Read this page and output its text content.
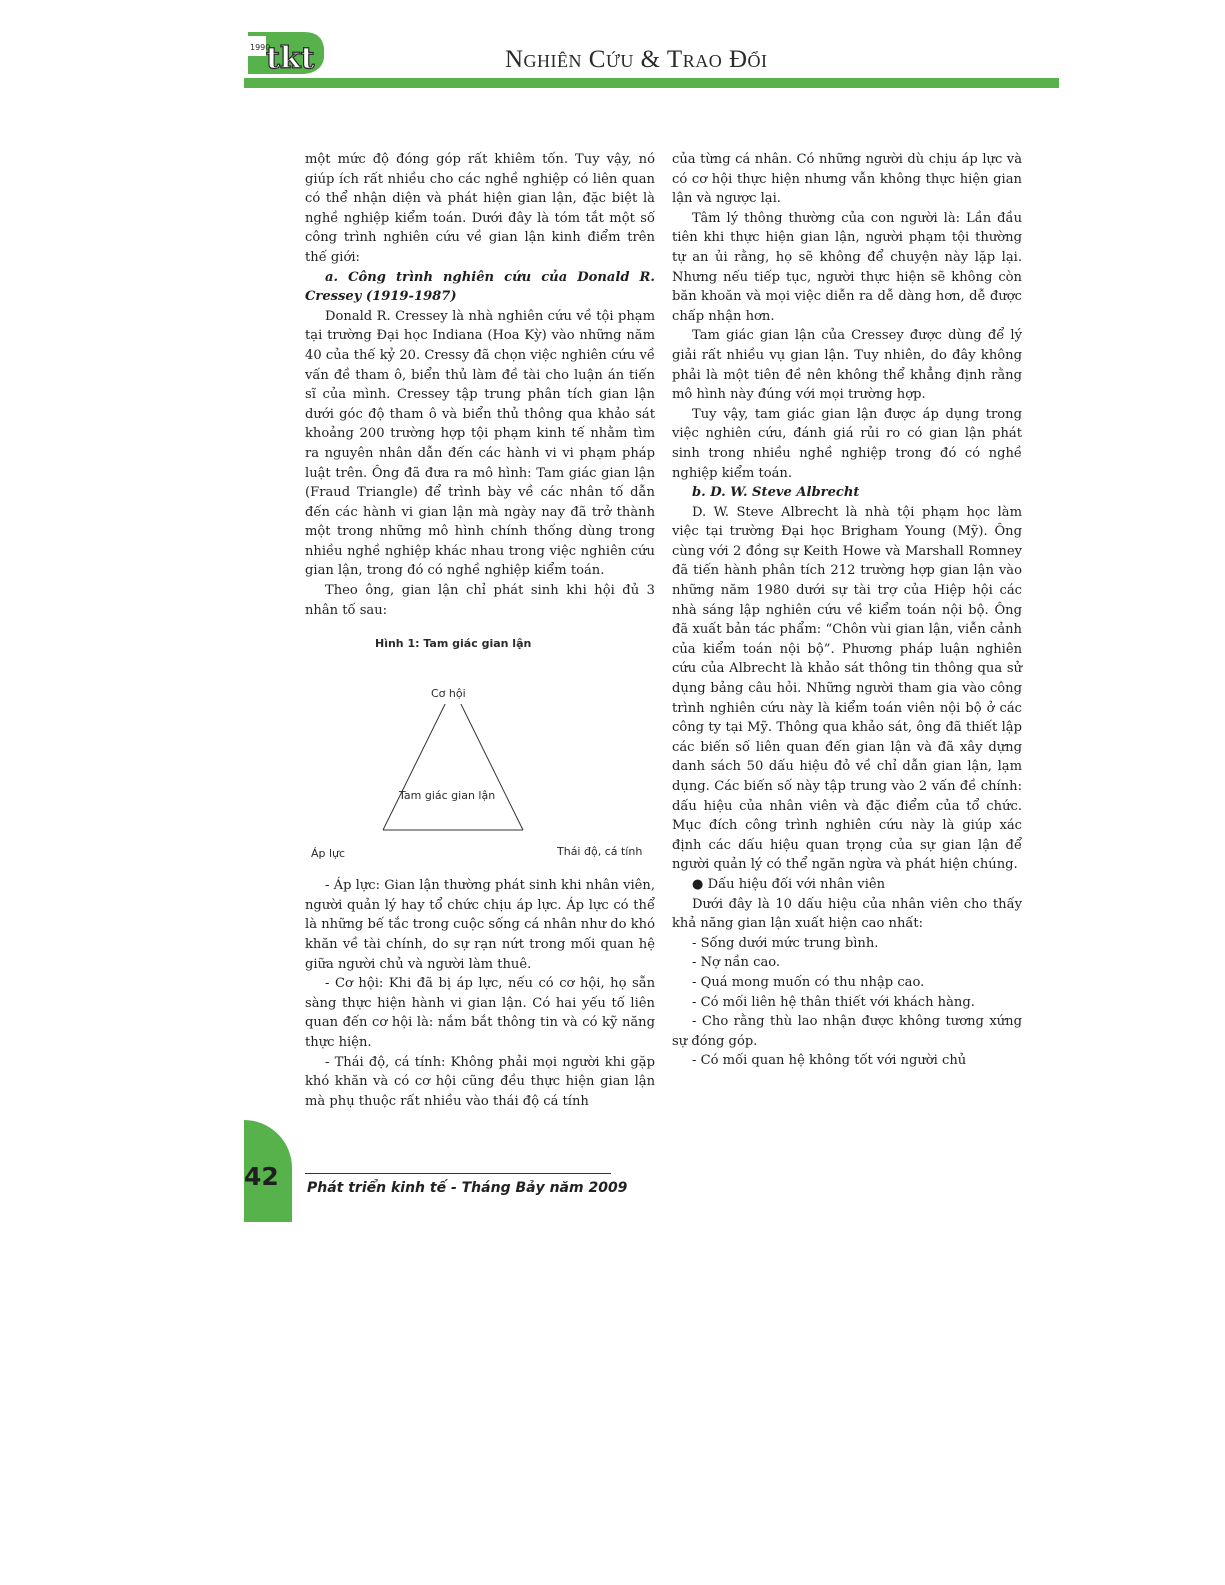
1990
tkt	Nghiên Cứu & Trao Đổi

một mức độ đóng góp rất khiêm tốn. Tuy vậy, nó giúp ích rất nhiều cho các nghề nghiệp có liên quan có thể nhận diện và phát hiện gian lận, đặc biệt là nghề nghiệp kiểm toán. Dưới đây là tóm tắt một số công trình nghiên cứu về gian lận kinh điểm trên thế giới:

a. Công trình nghiên cứu của Donald R. Cressey (1919-1987)

Donald R. Cressey là nhà nghiên cứu về tội phạm tại trường Đại học Indiana (Hoa Kỳ) vào những năm 40 của thế kỷ 20. Cressy đã chọn việc nghiên cứu về vấn đề tham ô, biển thủ làm đề tài cho luận án tiến sĩ của mình. Cressey tập trung phân tích gian lận dưới góc độ tham ô và biển thủ thông qua khảo sát khoảng 200 trường hợp tội phạm kinh tế nhằm tìm ra nguyên nhân dẫn đến các hành vi vi phạm pháp luật trên. Ông đã đưa ra mô hình: Tam giác gian lận (Fraud Triangle) để trình bày về các nhân tố dẫn đến các hành vi gian lận mà ngày nay đã trở thành một trong những mô hình chính thống dùng trong nhiều nghề nghiệp khác nhau trong việc nghiên cứu gian lận, trong đó có nghề nghiệp kiểm toán.

Theo ông, gian lận chỉ phát sinh khi hội đủ 3 nhân tố sau:

Hình 1: Tam giác gian lận
Cơ hội
Tam giác gian lận
Áp lực	Thái độ, cá tính

- Áp lực: Gian lận thường phát sinh khi nhân viên, người quản lý hay tổ chức chịu áp lực. Áp lực có thể là những bế tắc trong cuộc sống cá nhân như do khó khăn về tài chính, do sự rạn nứt trong mối quan hệ giữa người chủ và người làm thuê.

- Cơ hội: Khi đã bị áp lực, nếu có cơ hội, họ sẵn sàng thực hiện hành vi gian lận. Có hai yếu tố liên quan đến cơ hội là: nắm bắt thông tin và có kỹ năng thực hiện.

- Thái độ, cá tính: Không phải mọi người khi gặp khó khăn và có cơ hội cũng đều thực hiện gian lận mà phụ thuộc rất nhiều vào thái độ cá tính

của từng cá nhân. Có những người dù chịu áp lực và có cơ hội thực hiện nhưng vẫn không thực hiện gian lận và ngược lại.

Tâm lý thông thường của con người là: Lần đầu tiên khi thực hiện gian lận, người phạm tội thường tự an ủi rằng, họ sẽ không để chuyện này lặp lại. Nhưng nếu tiếp tục, người thực hiện sẽ không còn băn khoăn và mọi việc diễn ra dễ dàng hơn, dễ được chấp nhận hơn.

Tam giác gian lận của Cressey được dùng để lý giải rất nhiều vụ gian lận. Tuy nhiên, do đây không phải là một tiên đề nên không thể khẳng định rằng mô hình này đúng với mọi trường hợp.

Tuy vậy, tam giác gian lận được áp dụng trong việc nghiên cứu, đánh giá rủi ro có gian lận phát sinh trong nhiều nghề nghiệp trong đó có nghề nghiệp kiểm toán.

b. D. W. Steve Albrecht

D. W. Steve Albrecht là nhà tội phạm học làm việc tại trường Đại học Brigham Young (Mỹ). Ông cùng với 2 đồng sự Keith Howe và Marshall Romney đã tiến hành phân tích 212 trường hợp gian lận vào những năm 1980 dưới sự tài trợ của Hiệp hội các nhà sáng lập nghiên cứu về kiểm toán nội bộ. Ông đã xuất bản tác phẩm: “Chôn vùi gian lận, viễn cảnh của kiểm toán nội bộ”. Phương pháp luận nghiên cứu của Albrecht là khảo sát thông tin thông qua sử dụng bảng câu hỏi. Những người tham gia vào công trình nghiên cứu này là kiểm toán viên nội bộ ở các công ty tại Mỹ. Thông qua khảo sát, ông đã thiết lập các biến số liên quan đến gian lận và đã xây dựng danh sách 50 dấu hiệu đỏ về chỉ dẫn gian lận, lạm dụng. Các biến số này tập trung vào 2 vấn đề chính: dấu hiệu của nhân viên và đặc điểm của tổ chức. Mục đích công trình nghiên cứu này là giúp xác định các dấu hiệu quan trọng của sự gian lận để người quản lý có thể ngăn ngừa và phát hiện chúng.

● Dấu hiệu đối với nhân viên

Dưới đây là 10 dấu hiệu của nhân viên cho thấy khả năng gian lận xuất hiện cao nhất:

- Sống dưới mức trung bình.

- Nợ nần cao.

- Quá mong muốn có thu nhập cao.

- Có mối liên hệ thân thiết với khách hàng.

- Cho rằng thù lao nhận được không tương xứng sự đóng góp.

- Có mối quan hệ không tốt với người chủ

42 Phát triển kinh tế - Tháng Bảy năm 2009
